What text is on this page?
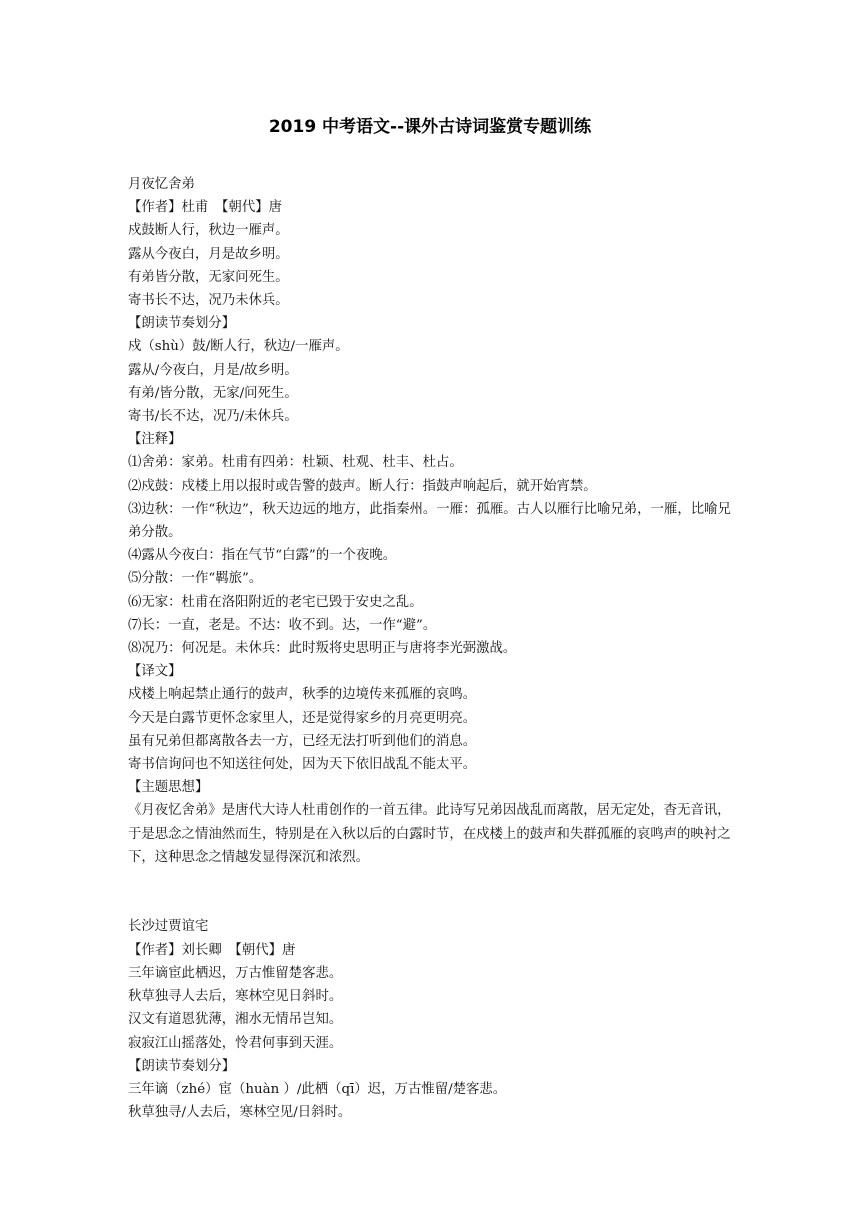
2019 中考语文--课外古诗词鉴赏专题训练

月夜忆舍弟

【作者】杜甫　【朝代】唐

戍鼓断人行，秋边一雁声。

露从今夜白，月是故乡明。

有弟皆分散，无家问死生。

寄书长不达，况乃未休兵。

【朗读节奏划分】

戍（shù）鼓/断人行，秋边/一雁声。

露从/今夜白，月是/故乡明。

有弟/皆分散，无家/问死生。

寄书/长不达，况乃/未休兵。

【注释】

⑴舍弟：家弟。杜甫有四弟：杜颖、杜观、杜丰、杜占。

⑵戍鼓：戍楼上用以报时或告警的鼓声。断人行：指鼓声响起后，就开始宵禁。

⑶边秋：一作“秋边”，秋天边远的地方，此指秦州。一雁：孤雁。古人以雁行比喻兄弟，一雁，比喻兄弟分散。

⑷露从今夜白：指在气节“白露”的一个夜晚。

⑸分散：一作“羁旅”。

⑹无家：杜甫在洛阳附近的老宅已毁于安史之乱。

⑺长：一直，老是。不达：收不到。达，一作“避”。

⑻况乃：何况是。未休兵：此时叛将史思明正与唐将李光弼激战。

【译文】

戍楼上响起禁止通行的鼓声，秋季的边境传来孤雁的哀鸣。

今天是白露节更怀念家里人，还是觉得家乡的月亮更明亮。

虽有兄弟但都离散各去一方，已经无法打听到他们的消息。

寄书信询问也不知送往何处，因为天下依旧战乱不能太平。

【主题思想】

《月夜忆舍弟》是唐代大诗人杜甫创作的一首五律。此诗写兄弟因战乱而离散，居无定处，杳无音讯，于是思念之情油然而生，特别是在入秋以后的白露时节，在戍楼上的鼓声和失群孤雁的哀鸣声的映衬之下，这种思念之情越发显得深沉和浓烈。

长沙过贾谊宅

【作者】刘长卿　【朝代】唐

三年谪宦此栖迟，万古惟留楚客悲。

秋草独寻人去后，寒林空见日斜时。

汉文有道恩犹薄，湘水无情吊岂知。

寂寂江山摇落处，怜君何事到天涯。

【朗读节奏划分】

三年谪（zhé）宦（huàn ）/此栖（qī）迟，万古惟留/楚客悲。

秋草独寻/人去后，寒林空见/日斜时。
